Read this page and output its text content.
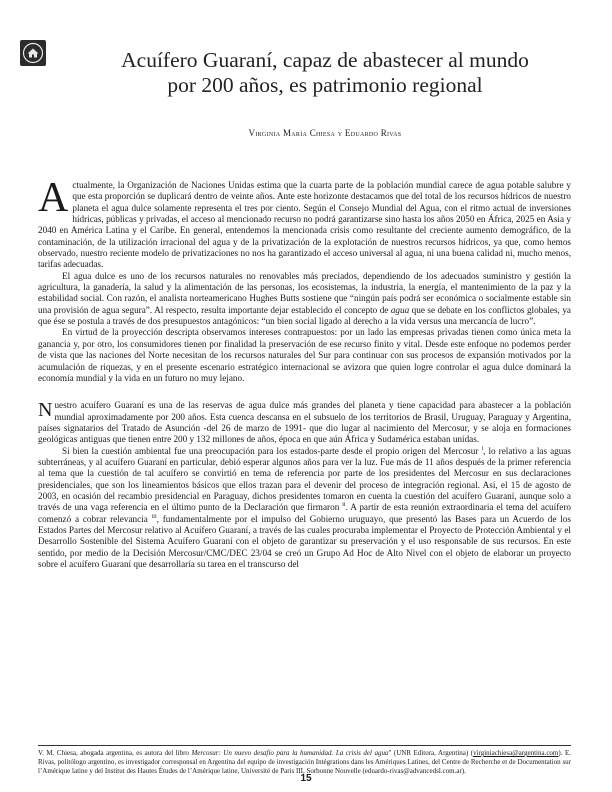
Acuífero Guaraní, capaz de abastecer al mundo
por 200 años, es patrimonio regional
Virginia María Chiesa y Eduardo Rivas

Actualmente, la Organización de Naciones Unidas estima que la cuarta parte de la población mundial carece de agua potable salubre y que esta proporción se duplicará dentro de veinte años. Ante este horizonte destacamos que del total de los recursos hídricos de nuestro planeta el agua dulce solamente representa el tres por ciento. Según el Consejo Mundial del Agua, con el ritmo actual de inversiones hídricas, públicas y privadas, el acceso al mencionado recurso no podrá garantizarse sino hasta los años 2050 en África, 2025 en Asia y 2040 en América Latina y el Caribe. En general, entendemos la mencionada crisis como resultante del creciente aumento demográfico, de la contaminación, de la utilización irracional del agua y de la privatización de la explotación de nuestros recursos hídricos, ya que, como hemos observado, nuestro reciente modelo de privatizaciones no nos ha garantizado el acceso universal al agua, ni una buena calidad ni, mucho menos, tarifas adecuadas.

El agua dulce es uno de los recursos naturales no renovables más preciados, dependiendo de los adecuados suministro y gestión la agricultura, la ganadería, la salud y la alimentación de las personas, los ecosistemas, la industria, la energía, el mantenimiento de la paz y la estabilidad social. Con razón, el analista norteamericano Hughes Butts sostiene que “ningún país podrá ser económica o socialmente estable sin una provisión de agua segura”. Al respecto, resulta importante dejar establecido el concepto de agua que se debate en los conflictos globales, ya que ése se postula a través de dos presupuestos antagónicos: “un bien social ligado al derecho a la vida versus una mercancía de lucro”.

En virtud de la proyección descripta observamos intereses contrapuestos: por un lado las empresas privadas tienen como única meta la ganancia y, por otro, los consumidores tienen por finalidad la preservación de ese recurso finito y vital. Desde este enfoque no podemos perder de vista que las naciones del Norte necesitan de los recursos naturales del Sur para continuar con sus procesos de expansión motivados por la acumulación de riquezas, y en el presente escenario estratégico internacional se avizora que quien logre controlar el agua dulce dominará la economía mundial y la vida en un futuro no muy lejano.

Nuestro acuífero Guaraní es una de las reservas de agua dulce más grandes del planeta y tiene capacidad para abastecer a la población mundial aproximadamente por 200 años. Esta cuenca descansa en el subsuelo de los territorios de Brasil, Uruguay, Paraguay y Argentina, países signatarios del Tratado de Asunción -del 26 de marzo de 1991- que dio lugar al nacimiento del Mercosur, y se aloja en formaciones geológicas antiguas que tienen entre 200 y 132 millones de años, época en que aún África y Sudamérica estaban unidas.

Si bien la cuestión ambiental fue una preocupación para los estados-parte desde el propio origen del Mercosur $^i$, lo relativo a las aguas subterráneas, y al acuífero Guaraní en particular, debió esperar algunos años para ver la luz. Fue más de 11 años después de la primer referencia al tema que la cuestión de tal acuífero se convirtió en tema de referencia por parte de los presidentes del Mercosur en sus declaraciones presidenciales, que son los lineamientos básicos que ellos trazan para el devenir del proceso de integración regional. Así, el 15 de agosto de 2003, en ocasión del recambio presidencial en Paraguay, dichos presidentes tomaron en cuenta la cuestión del acuífero Guaraní, aunque solo a través de una vaga referencia en el último punto de la Declaración que firmaron $^{ii}$. A partir de esta reunión extraordinaria el tema del acuífero comenzó a cobrar relevancia $^{iii}$, fundamentalmente por el impulso del Gobierno uruguayo, que presentó las Bases para un Acuerdo de los Estados Partes del Mercosur relativo al Acuífero Guaraní, a través de las cuales procuraba implementar el Proyecto de Protección Ambiental y el Desarrollo Sostenible del Sistema Acuífero Guaraní con el objeto de garantizar su preservación y el uso responsable de sus recursos. En este sentido, por medio de la Decisión Mercosur/CMC/DEC 23/04 se creó un Grupo Ad Hoc de Alto Nivel con el objeto de elaborar un proyecto sobre el acuífero Guaraní que desarrollaría su tarea en el transcurso del

V. M. Chiesa, abogada argentina, es autora del libro Mercosur: Un nuevo desafío para la humanidad. La crisis del agua" (UNR Editora, Argentina) (virginiachiesa@argentina.com). E. Rivas, politólogo argentino, es investigador corresponsal en Argentina del equipo de investigación Intégrations dans les Amériques Latines, del Centre de Recherche et de Documentation sur l’Amérique latine y del Institut des Hautes Études de l’Amérique latine, Université de Paris III, Sorbonne Nouvelle (eduardo-rivas@advancedsl.com.ar).

15
